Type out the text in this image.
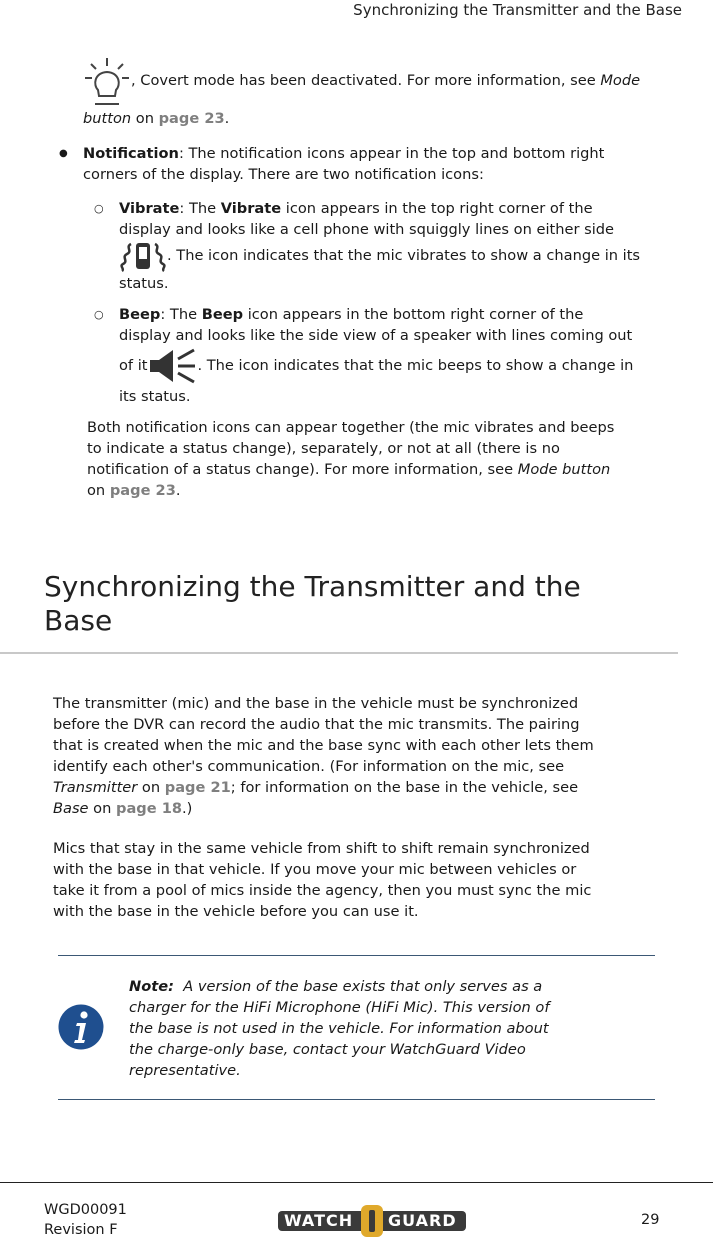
Synchronizing the Transmitter and the Base
, Covert mode has been deactivated. For more information, see Mode
button on page 23.
● Notification: The notification icons appear in the top and bottom right
corners of the display. There are two notification icons:
○ Vibrate: The Vibrate icon appears in the top right corner of the
display and looks like a cell phone with squiggly lines on either side
. The icon indicates that the mic vibrates to show a change in its
status.
○ Beep: The Beep icon appears in the bottom right corner of the
display and looks like the side view of a speaker with lines coming out
of it	. The icon indicates that the mic beeps to show a change in
its status.
Both notification icons can appear together (the mic vibrates and beeps
to indicate a status change), separately, or not at all (there is no
notification of a status change). For more information, see Mode button
on page 23.
Synchronizing the Transmitter and the
Base
The transmitter (mic) and the base in the vehicle must be synchronized
before the DVR can record the audio that the mic transmits. The pairing
that is created when the mic and the base sync with each other lets them
identify each other's communication. (For information on the mic, see
Transmitter on page 21; for information on the base in the vehicle, see
Base on page 18.)
Mics that stay in the same vehicle from shift to shift remain synchronized
with the base in that vehicle. If you move your mic between vehicles or
take it from a pool of mics inside the agency, then you must sync the mic
with the base in the vehicle before you can use it.
Note:  A version of the base exists that only serves as a
charger for the HiFi Microphone (HiFi Mic). This version of
the base is not used in the vehicle. For information about
the charge-only base, contact your WatchGuard Video
representative.
WGD00091
Revision F	WATCH GUARD	29
